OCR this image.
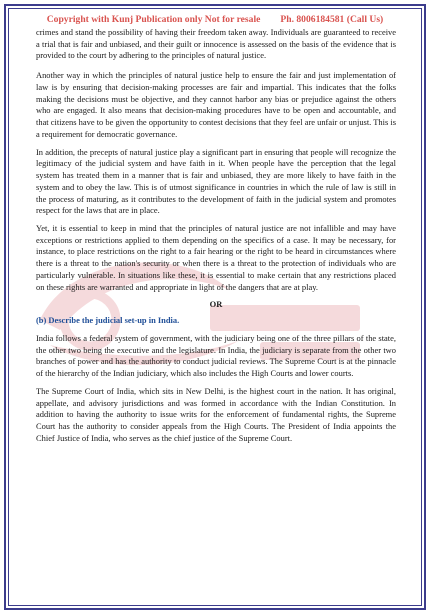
Copyright with Kunj Publication only Not for resale Ph. 8006184581 (Call Us)

crimes and stand the possibility of having their freedom taken away. Individuals are guaranteed to receive a trial that is fair and unbiased, and their guilt or innocence is assessed on the basis of the evidence that is provided to the court by adhering to the principles of natural justice.

Another way in which the principles of natural justice help to ensure the fair and just implementation of law is by ensuring that decision-making processes are fair and impartial. This indicates that the folks making the decisions must be objective, and they cannot harbor any bias or prejudice against the others who are engaged. It also means that decision-making procedures have to be open and accountable, and that citizens have to be given the opportunity to contest decisions that they feel are unfair or unjust. This is a requirement for democratic governance.

In addition, the precepts of natural justice play a significant part in ensuring that people will recognize the legitimacy of the judicial system and have faith in it. When people have the perception that the legal system has treated them in a manner that is fair and unbiased, they are more likely to have faith in the system and to obey the law. This is of utmost significance in countries in which the rule of law is still in the process of maturing, as it contributes to the development of faith in the judicial system and promotes respect for the laws that are in place.

Yet, it is essential to keep in mind that the principles of natural justice are not infallible and may have exceptions or restrictions applied to them depending on the specifics of a case. It may be necessary, for instance, to place restrictions on the right to a fair hearing or the right to be heard in circumstances where there is a threat to the nation's security or when there is a threat to the protection of individuals who are particularly vulnerable. In situations like these, it is essential to make certain that any restrictions placed on these rights are warranted and appropriate in light of the dangers that are at play.

OR
(b) Describe the judicial set-up in India.

India follows a federal system of government, with the judiciary being one of the three pillars of the state, the other two being the executive and the legislature. In India, the judiciary is separate from the other two branches of power and has the authority to conduct judicial reviews. The Supreme Court is at the pinnacle of the hierarchy of the Indian judiciary, which also includes the High Courts and lower courts.

The Supreme Court of India, which sits in New Delhi, is the highest court in the nation. It has original, appellate, and advisory jurisdictions and was formed in accordance with the Indian Constitution. In addition to having the authority to issue writs for the enforcement of fundamental rights, the Supreme Court has the authority to consider appeals from the High Courts. The President of India appoints the Chief Justice of India, who serves as the chief justice of the Supreme Court.
